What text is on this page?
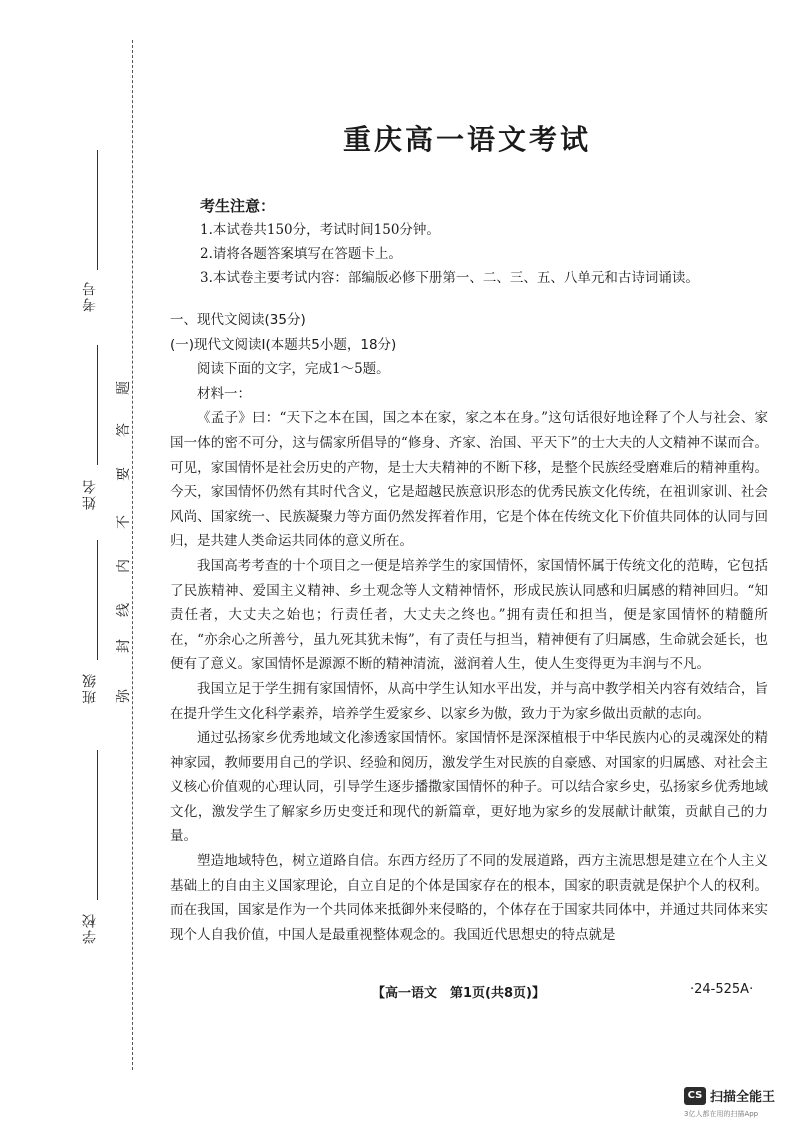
考号
姓名
班级
学校
弥
封
线
内
不
要
答
题
重庆高一语文考试
考生注意：
1.本试卷共150分，考试时间150分钟。
2.请将各题答案填写在答题卡上。
3.本试卷主要考试内容：部编版必修下册第一、二、三、五、八单元和古诗词诵读。
一、现代文阅读(35分)
(一)现代文阅读Ⅰ(本题共5小题，18分)

阅读下面的文字，完成1～5题。

材料一：

《孟子》曰：“天下之本在国，国之本在家，家之本在身。”这句话很好地诠释了个人与社会、家国一体的密不可分，这与儒家所倡导的“修身、齐家、治国、平天下”的士大夫的人文精神不谋而合。可见，家国情怀是社会历史的产物，是士大夫精神的不断下移，是整个民族经受磨难后的精神重构。今天，家国情怀仍然有其时代含义，它是超越民族意识形态的优秀民族文化传统，在祖训家训、社会风尚、国家统一、民族凝聚力等方面仍然发挥着作用，它是个体在传统文化下价值共同体的认同与回归，是共建人类命运共同体的意义所在。

我国高考考查的十个项目之一便是培养学生的家国情怀，家国情怀属于传统文化的范畴，它包括了民族精神、爱国主义精神、乡土观念等人文精神情怀，形成民族认同感和归属感的精神回归。“知责任者，大丈夫之始也；行责任者，大丈夫之终也。”拥有责任和担当，便是家国情怀的精髓所在，“亦余心之所善兮，虽九死其犹未悔”，有了责任与担当，精神便有了归属感，生命就会延长，也便有了意义。家国情怀是源源不断的精神清流，滋润着人生，使人生变得更为丰润与不凡。

我国立足于学生拥有家国情怀，从高中学生认知水平出发，并与高中教学相关内容有效结合，旨在提升学生文化科学素养，培养学生爱家乡、以家乡为傲，致力于为家乡做出贡献的志向。

通过弘扬家乡优秀地域文化渗透家国情怀。家国情怀是深深植根于中华民族内心的灵魂深处的精神家园，教师要用自己的学识、经验和阅历，激发学生对民族的自豪感、对国家的归属感、对社会主义核心价值观的心理认同，引导学生逐步播撒家国情怀的种子。可以结合家乡史，弘扬家乡优秀地域文化，激发学生了解家乡历史变迁和现代的新篇章，更好地为家乡的发展献计献策，贡献自己的力量。

塑造地域特色，树立道路自信。东西方经历了不同的发展道路，西方主流思想是建立在个人主义基础上的自由主义国家理论，自立自足的个体是国家存在的根本，国家的职责就是保护个人的权利。而在我国，国家是作为一个共同体来抵御外来侵略的，个体存在于国家共同体中，并通过共同体来实现个人自我价值，中国人是最重视整体观念的。我国近代思想史的特点就是

【高一语文　第1页(共8页)】	·24-525A·
CS 扫描全能王
3亿人都在用的扫描App
